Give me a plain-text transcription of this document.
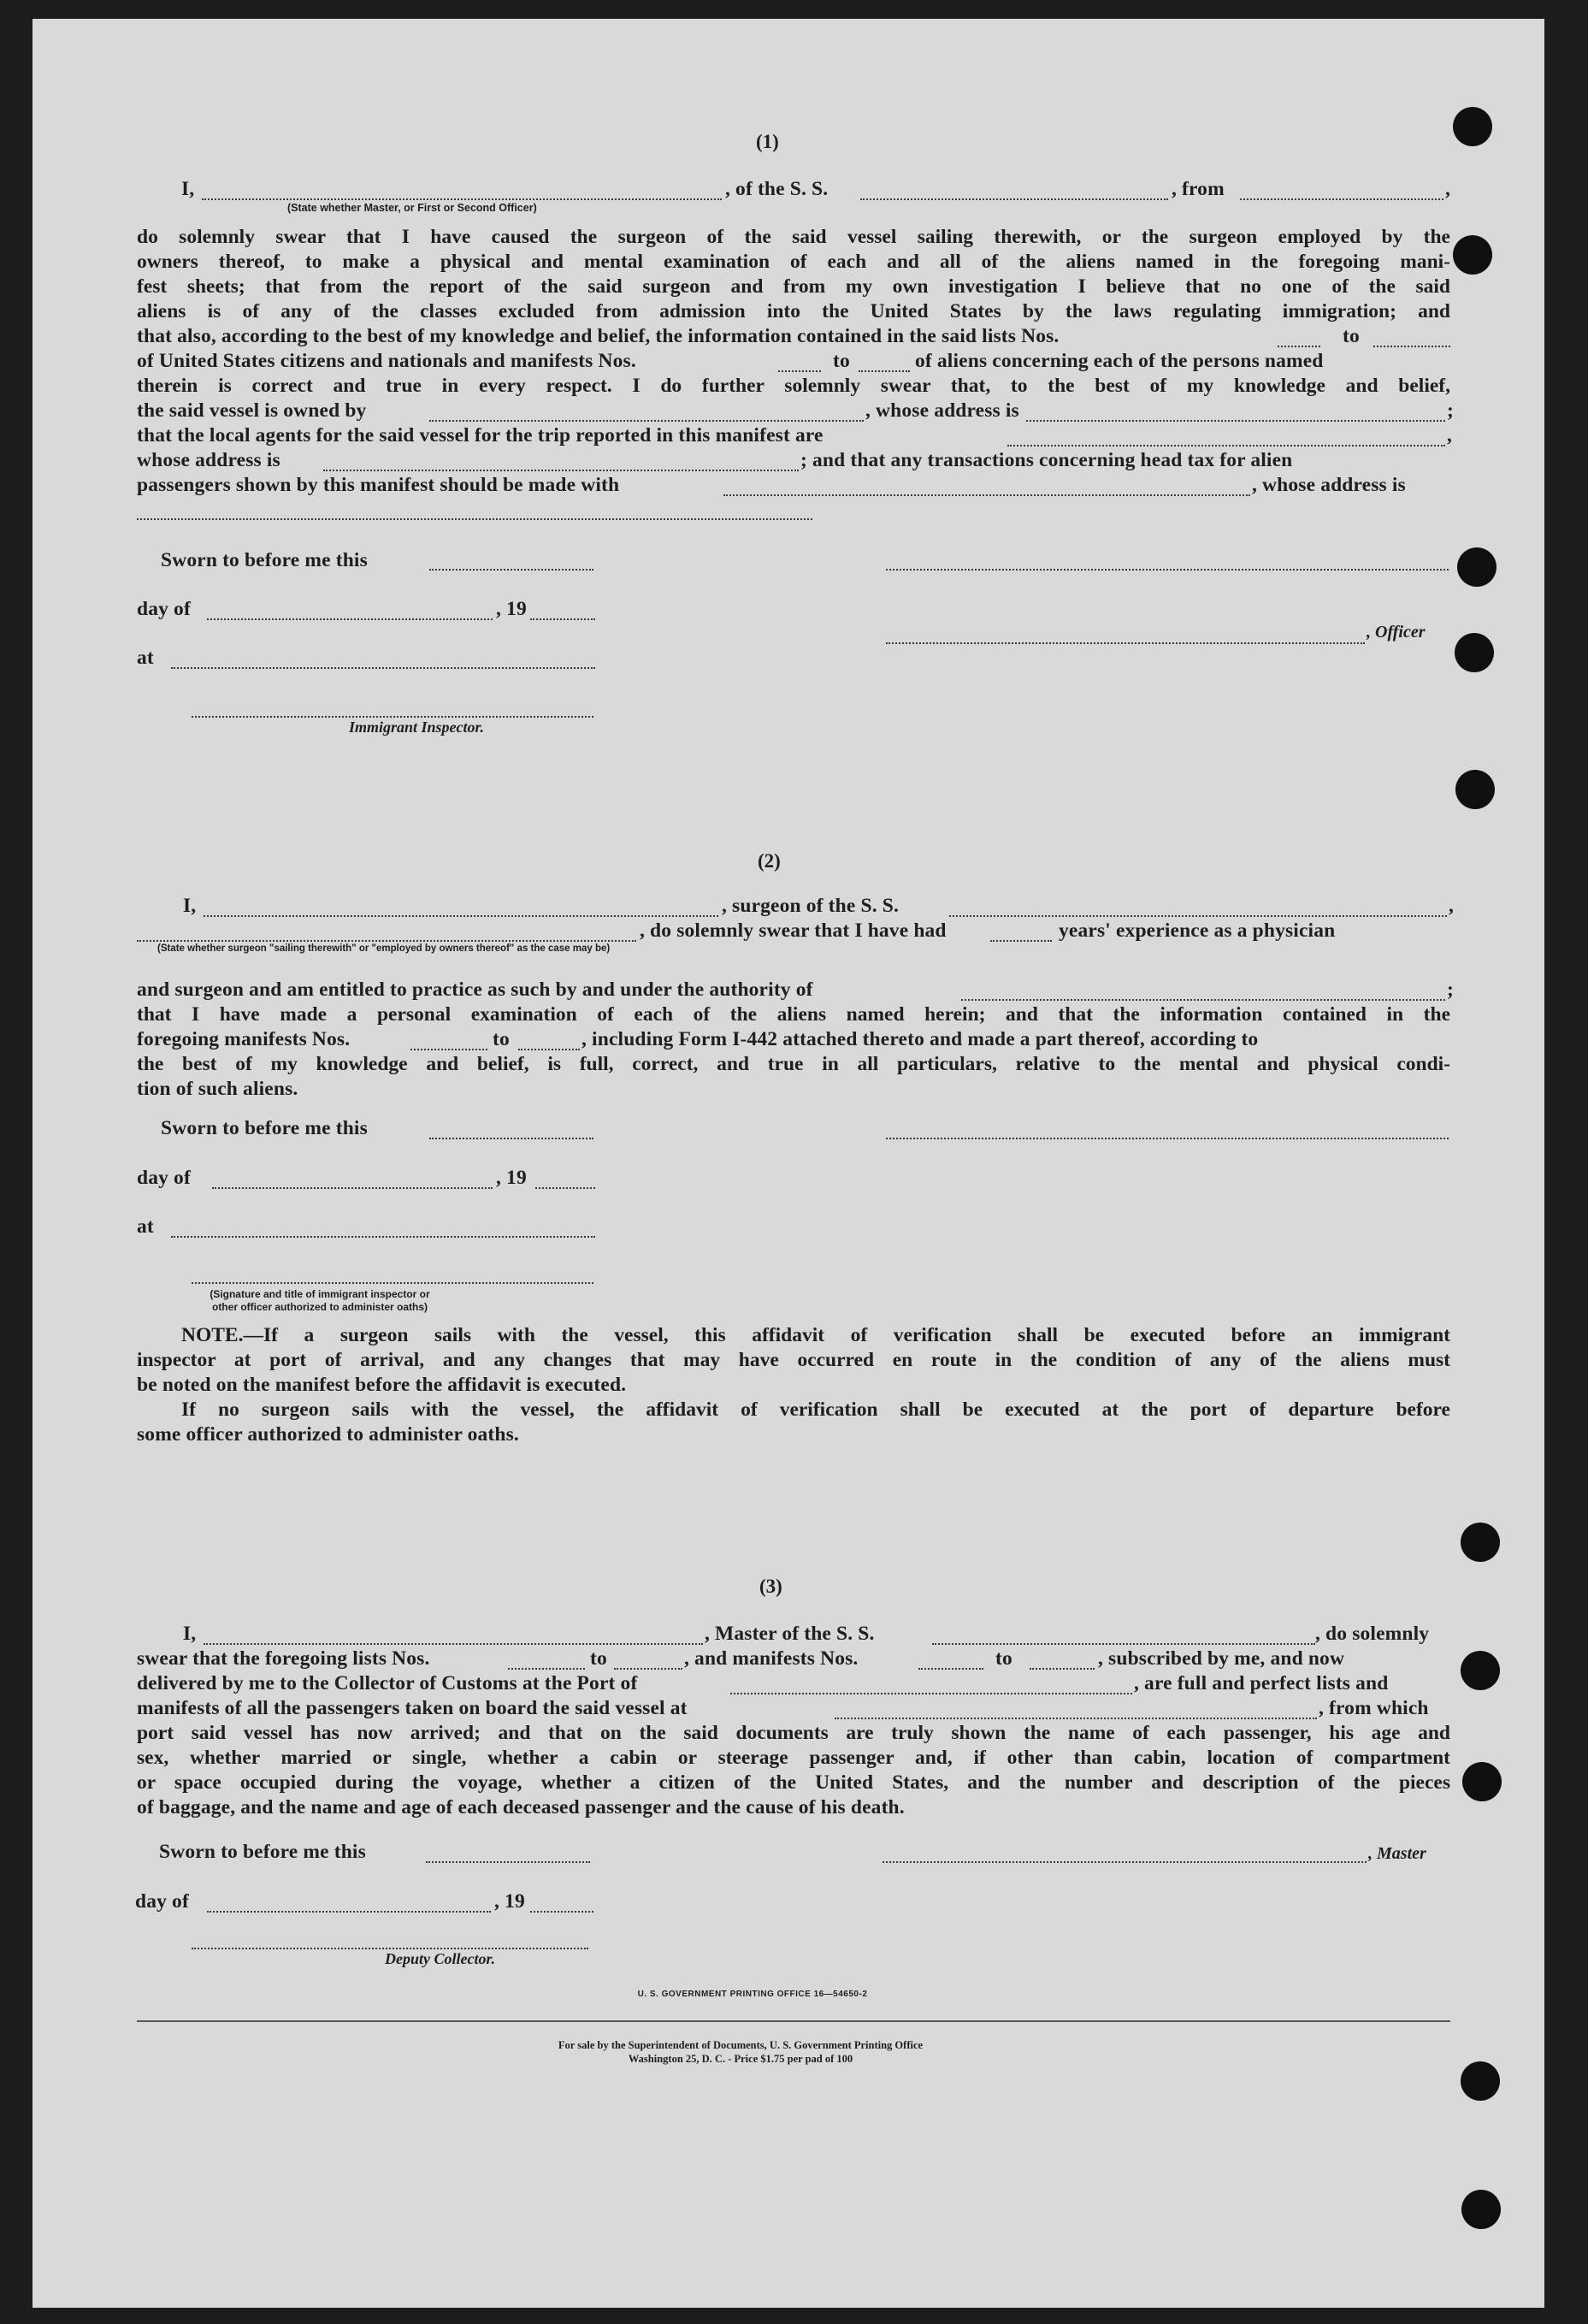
(1)
I,	, of the S. S.	, from	,
(State whether Master, or First or Second Officer)
do solemnly swear that I have caused the surgeon of the said vessel sailing therewith, or the surgeon employed by the
owners thereof, to make a physical and mental examination of each and all of the aliens named in the foregoing mani-
fest sheets; that from the report of the said surgeon and from my own investigation I believe that no one of the said
aliens is of any of the classes excluded from admission into the United States by the laws regulating immigration; and
that also, according to the best of my knowledge and belief, the information contained in the said lists Nos.	to
of United States citizens and nationals and manifests Nos.	to	of aliens concerning each of the persons named
therein is correct and true in every respect. I do further solemnly swear that, to the best of my knowledge and belief,
the said vessel is owned by	, whose address is	;
that the local agents for the said vessel for the trip reported in this manifest are	,
whose address is	; and that any transactions concerning head tax for alien
passengers shown by this manifest should be made with	, whose address is
Sworn to before me this
day of	, 19
, Officer
at
Immigrant Inspector.
(2)
I,	, surgeon of the S. S.	,
, do solemnly swear that I have had	years' experience as a physician
(State whether surgeon "sailing therewith" or "employed by owners thereof" as the case may be)
and surgeon and am entitled to practice as such by and under the authority of	;
that I have made a personal examination of each of the aliens named herein; and that the information contained in the
foregoing manifests Nos.	to	, including Form I-442 attached thereto and made a part thereof, according to
the best of my knowledge and belief, is full, correct, and true in all particulars, relative to the mental and physical condi-
tion of such aliens.
Sworn to before me this
day of	, 19
at
(Signature and title of immigrant inspector or
other officer authorized to administer oaths)
NOTE.—If a surgeon sails with the vessel, this affidavit of verification shall be executed before an immigrant
inspector at port of arrival, and any changes that may have occurred en route in the condition of any of the aliens must
be noted on the manifest before the affidavit is executed.
If no surgeon sails with the vessel, the affidavit of verification shall be executed at the port of departure before
some officer authorized to administer oaths.
(3)
I,	, Master of the S. S.	, do solemnly
swear that the foregoing lists Nos.	to	, and manifests Nos.	to	, subscribed by me, and now
delivered by me to the Collector of Customs at the Port of	, are full and perfect lists and
manifests of all the passengers taken on board the said vessel at	, from which
port said vessel has now arrived; and that on the said documents are truly shown the name of each passenger, his age and
sex, whether married or single, whether a cabin or steerage passenger and, if other than cabin, location of compartment
or space occupied during the voyage, whether a citizen of the United States, and the number and description of the pieces
of baggage, and the name and age of each deceased passenger and the cause of his death.
Sworn to before me this	, Master
day of	, 19
Deputy Collector.
U. S. GOVERNMENT PRINTING OFFICE 16—54650-2
For sale by the Superintendent of Documents, U. S. Government Printing Office
Washington 25, D. C. - Price $1.75 per pad of 100
